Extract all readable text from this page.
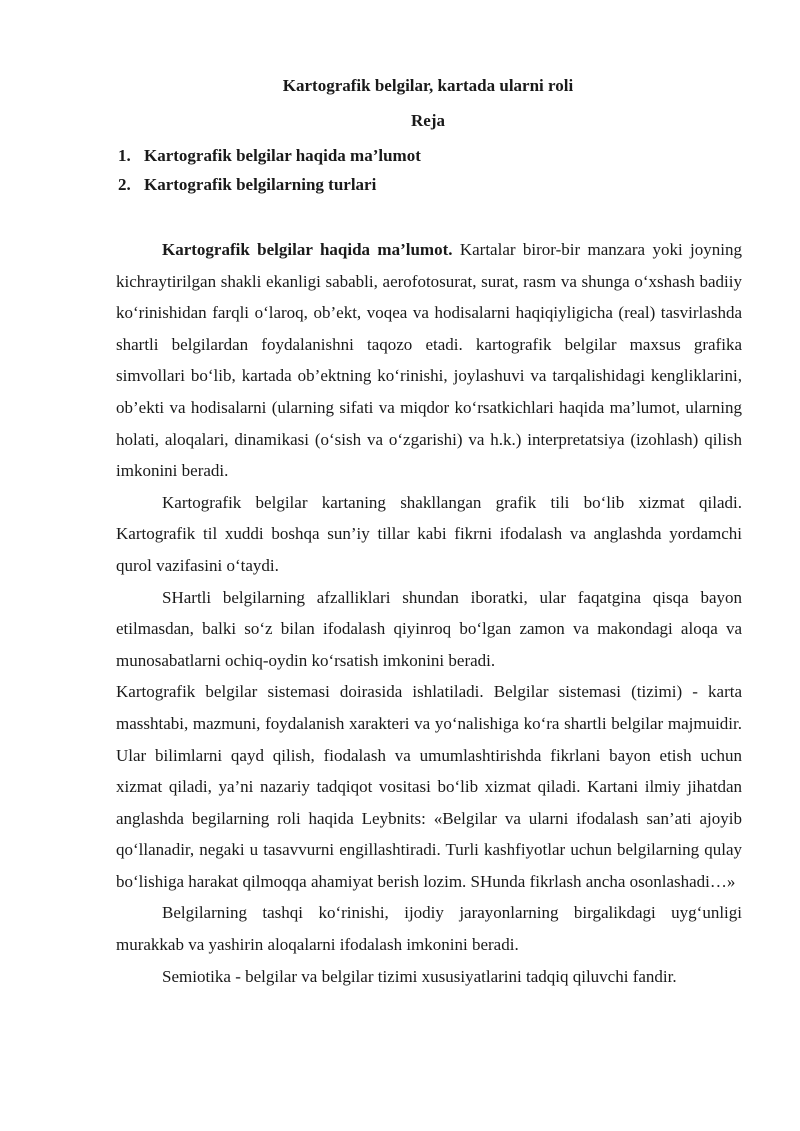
Kartografik belgilar, kartada ularni roli
Reja
1. Kartografik belgilar haqida ma’lumot
2. Kartografik belgilarning turlari

Kartografik belgilar haqida ma’lumot. Kartalar biror-bir manzara yoki joyning kichraytirilgan shakli ekanligi sababli, aerofotosurat, surat, rasm va shunga o‘xshash badiiy ko‘rinishidan farqli o‘laroq, ob’ekt, voqea va hodisalarni haqiqiyligicha (real) tasvirlashda shartli belgilardan foydalanishni taqozo etadi. kartografik belgilar maxsus grafika simvollari bo‘lib, kartada ob’ektning ko‘rinishi, joylashuvi va tarqalishidagi kengliklarini, ob’ekti va hodisalarni (ularning sifati va miqdor ko‘rsatkichlari haqida ma’lumot, ularning holati, aloqalari, dinamikasi (o‘sish va o‘zgarishi) va h.k.) interpretatsiya (izohlash) qilish imkonini beradi.

Kartografik belgilar kartaning shakllangan grafik tili bo‘lib xizmat qiladi. Kartografik til xuddi boshqa sun’iy tillar kabi fikrni ifodalash va anglashda yordamchi qurol vazifasini o‘taydi.

SHartli belgilarning afzalliklari shundan iboratki, ular faqatgina qisqa bayon etilmasdan, balki so‘z bilan ifodalash qiyinroq bo‘lgan zamon va makondagi aloqa va munosabatlarni ochiq-oydin ko‘rsatish imkonini beradi.

Kartografik belgilar sistemasi doirasida ishlatiladi. Belgilar sistemasi (tizimi) - karta masshtabi, mazmuni, foydalanish xarakteri va yo‘nalishiga ko‘ra shartli belgilar majmuidir. Ular bilimlarni qayd qilish, fiodalash va umumlashtirishda fikrlani bayon etish uchun xizmat qiladi, ya’ni nazariy tadqiqot vositasi bo‘lib xizmat qiladi. Kartani ilmiy jihatdan anglashda begilarning roli haqida Leybnits: «Belgilar va ularni ifodalash san’ati ajoyib qo‘llanadir, negaki u tasavvurni engillashtiradi. Turli kashfiyotlar uchun belgilarning qulay bo‘lishiga harakat qilmoqqa ahamiyat berish lozim. SHunda fikrlash ancha osonlashadi…»

Belgilarning tashqi ko‘rinishi, ijodiy jarayonlarning birgalikdagi uyg‘unligi murakkab va yashirin aloqalarni ifodalash imkonini beradi.

Semiotika - belgilar va belgilar tizimi xususiyatlarini tadqiq qiluvchi fandir.
